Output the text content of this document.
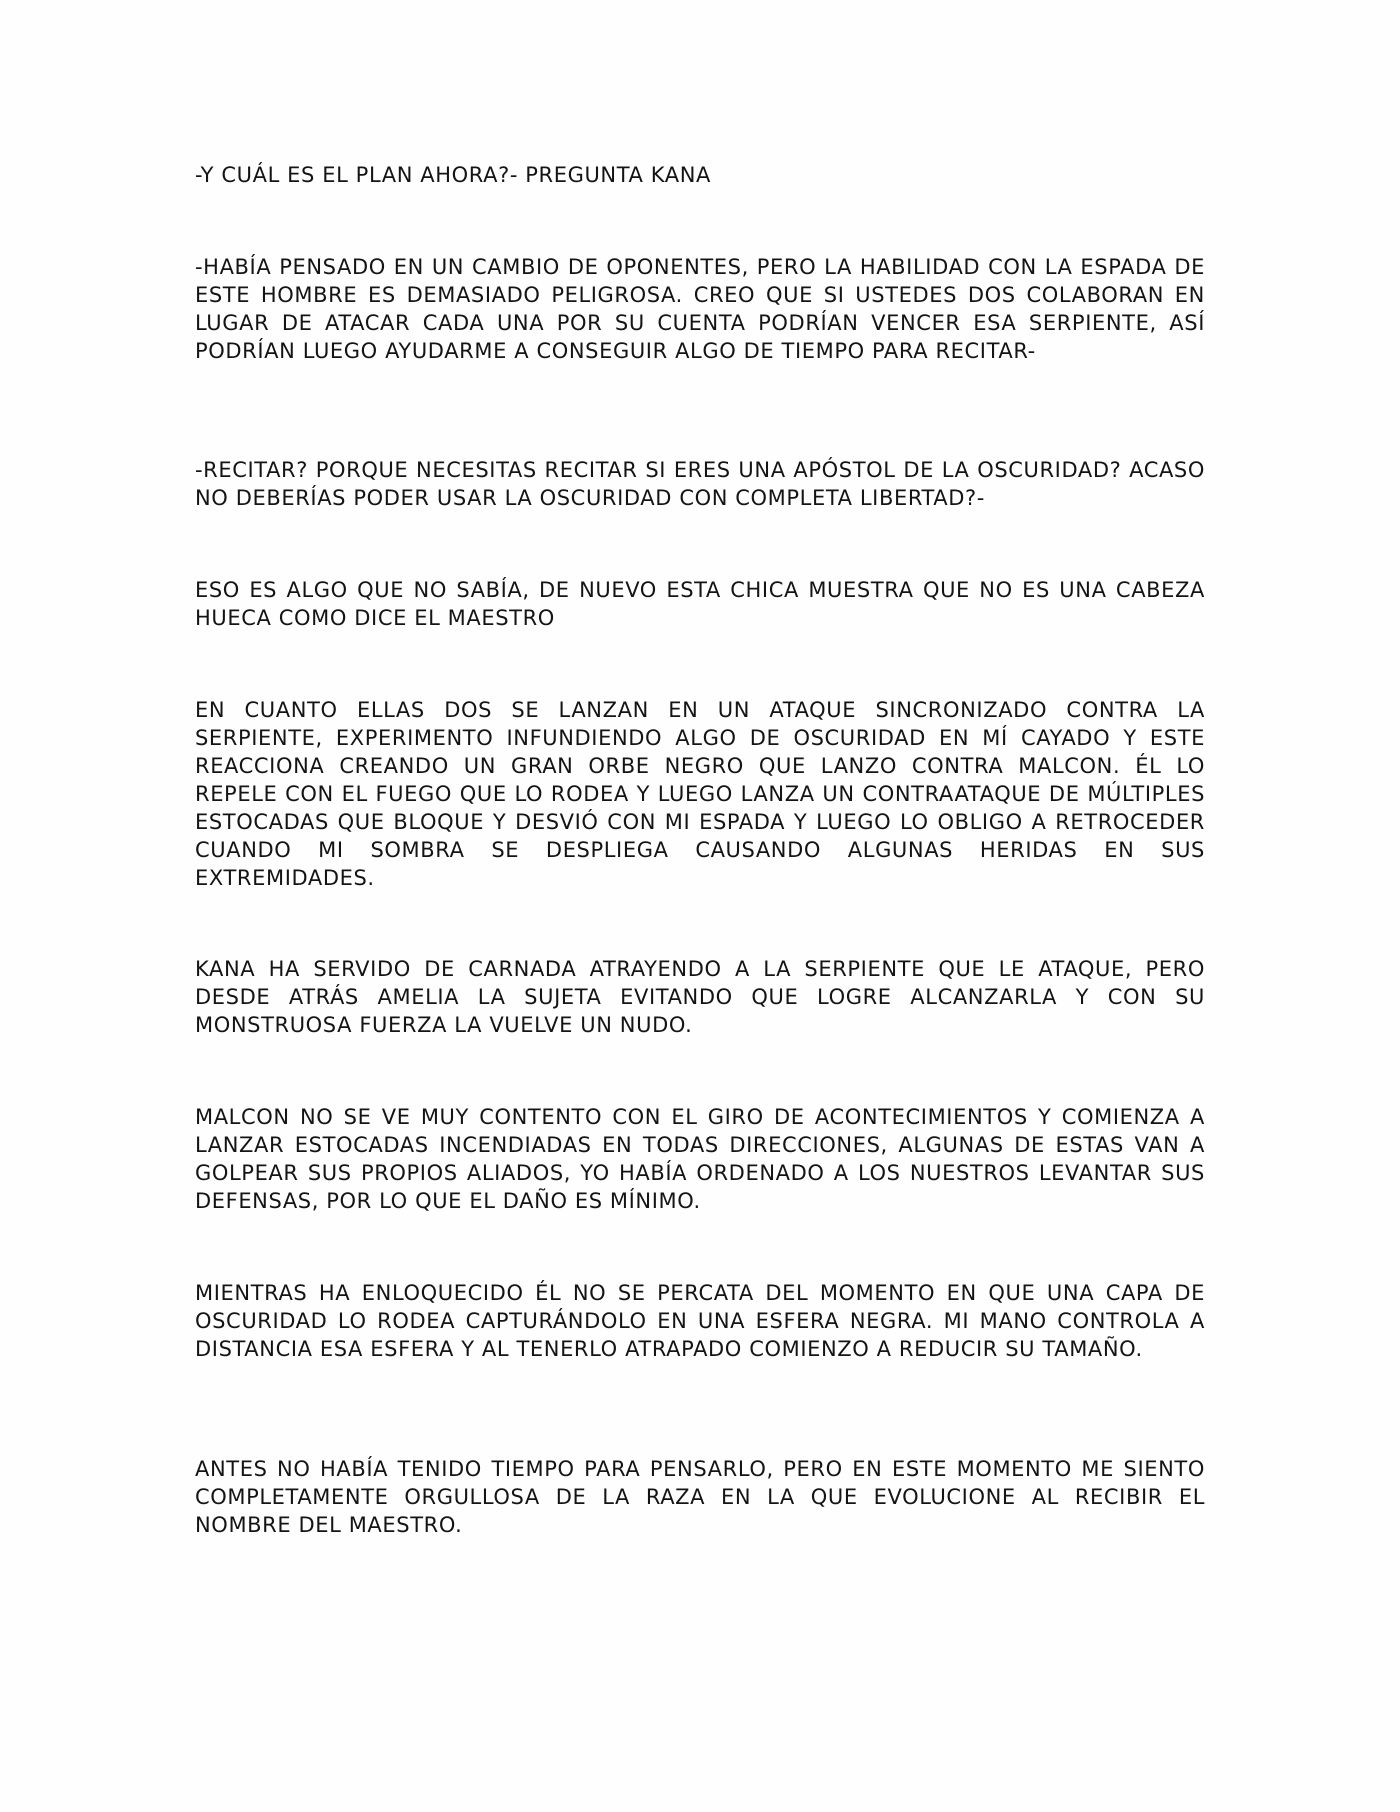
-Y CUÁL ES EL PLAN AHORA?- PREGUNTA KANA

-HABÍA PENSADO EN UN CAMBIO DE OPONENTES, PERO LA HABILIDAD CON LA ESPADA DE ESTE HOMBRE ES DEMASIADO PELIGROSA. CREO QUE SI USTEDES DOS COLABORAN EN LUGAR DE ATACAR CADA UNA POR SU CUENTA PODRÍAN VENCER ESA SERPIENTE, ASÍ PODRÍAN LUEGO AYUDARME A CONSEGUIR ALGO DE TIEMPO PARA RECITAR-

-RECITAR? PORQUE NECESITAS RECITAR SI ERES UNA APÓSTOL DE LA OSCURIDAD? ACASO NO DEBERÍAS PODER USAR LA OSCURIDAD CON COMPLETA LIBERTAD?-

ESO ES ALGO QUE NO SABÍA, DE NUEVO ESTA CHICA MUESTRA QUE NO ES UNA CABEZA HUECA COMO DICE EL MAESTRO

EN CUANTO ELLAS DOS SE LANZAN EN UN ATAQUE SINCRONIZADO CONTRA LA SERPIENTE, EXPERIMENTO INFUNDIENDO ALGO DE OSCURIDAD EN MÍ CAYADO Y ESTE REACCIONA CREANDO UN GRAN ORBE NEGRO QUE LANZO CONTRA MALCON. ÉL LO REPELE CON EL FUEGO QUE LO RODEA Y LUEGO LANZA UN CONTRAATAQUE DE MÚLTIPLES ESTOCADAS QUE BLOQUE Y DESVIÓ CON MI ESPADA Y LUEGO LO OBLIGO A RETROCEDER CUANDO MI SOMBRA SE DESPLIEGA CAUSANDO ALGUNAS HERIDAS EN SUS EXTREMIDADES.

KANA HA SERVIDO DE CARNADA ATRAYENDO A LA SERPIENTE QUE LE ATAQUE, PERO DESDE ATRÁS AMELIA LA SUJETA EVITANDO QUE LOGRE ALCANZARLA Y CON SU MONSTRUOSA FUERZA LA VUELVE UN NUDO.

MALCON NO SE VE MUY CONTENTO CON EL GIRO DE ACONTECIMIENTOS Y COMIENZA A LANZAR ESTOCADAS INCENDIADAS EN TODAS DIRECCIONES, ALGUNAS DE ESTAS VAN A GOLPEAR SUS PROPIOS ALIADOS, YO HABÍA ORDENADO A LOS NUESTROS LEVANTAR SUS DEFENSAS, POR LO QUE EL DAÑO ES MÍNIMO.

MIENTRAS HA ENLOQUECIDO ÉL NO SE PERCATA DEL MOMENTO EN QUE UNA CAPA DE OSCURIDAD LO RODEA CAPTURÁNDOLO EN UNA ESFERA NEGRA. MI MANO CONTROLA A DISTANCIA ESA ESFERA Y AL TENERLO ATRAPADO COMIENZO A REDUCIR SU TAMAÑO.

ANTES NO HABÍA TENIDO TIEMPO PARA PENSARLO, PERO EN ESTE MOMENTO ME SIENTO COMPLETAMENTE ORGULLOSA DE LA RAZA EN LA QUE EVOLUCIONE AL RECIBIR EL NOMBRE DEL MAESTRO.
